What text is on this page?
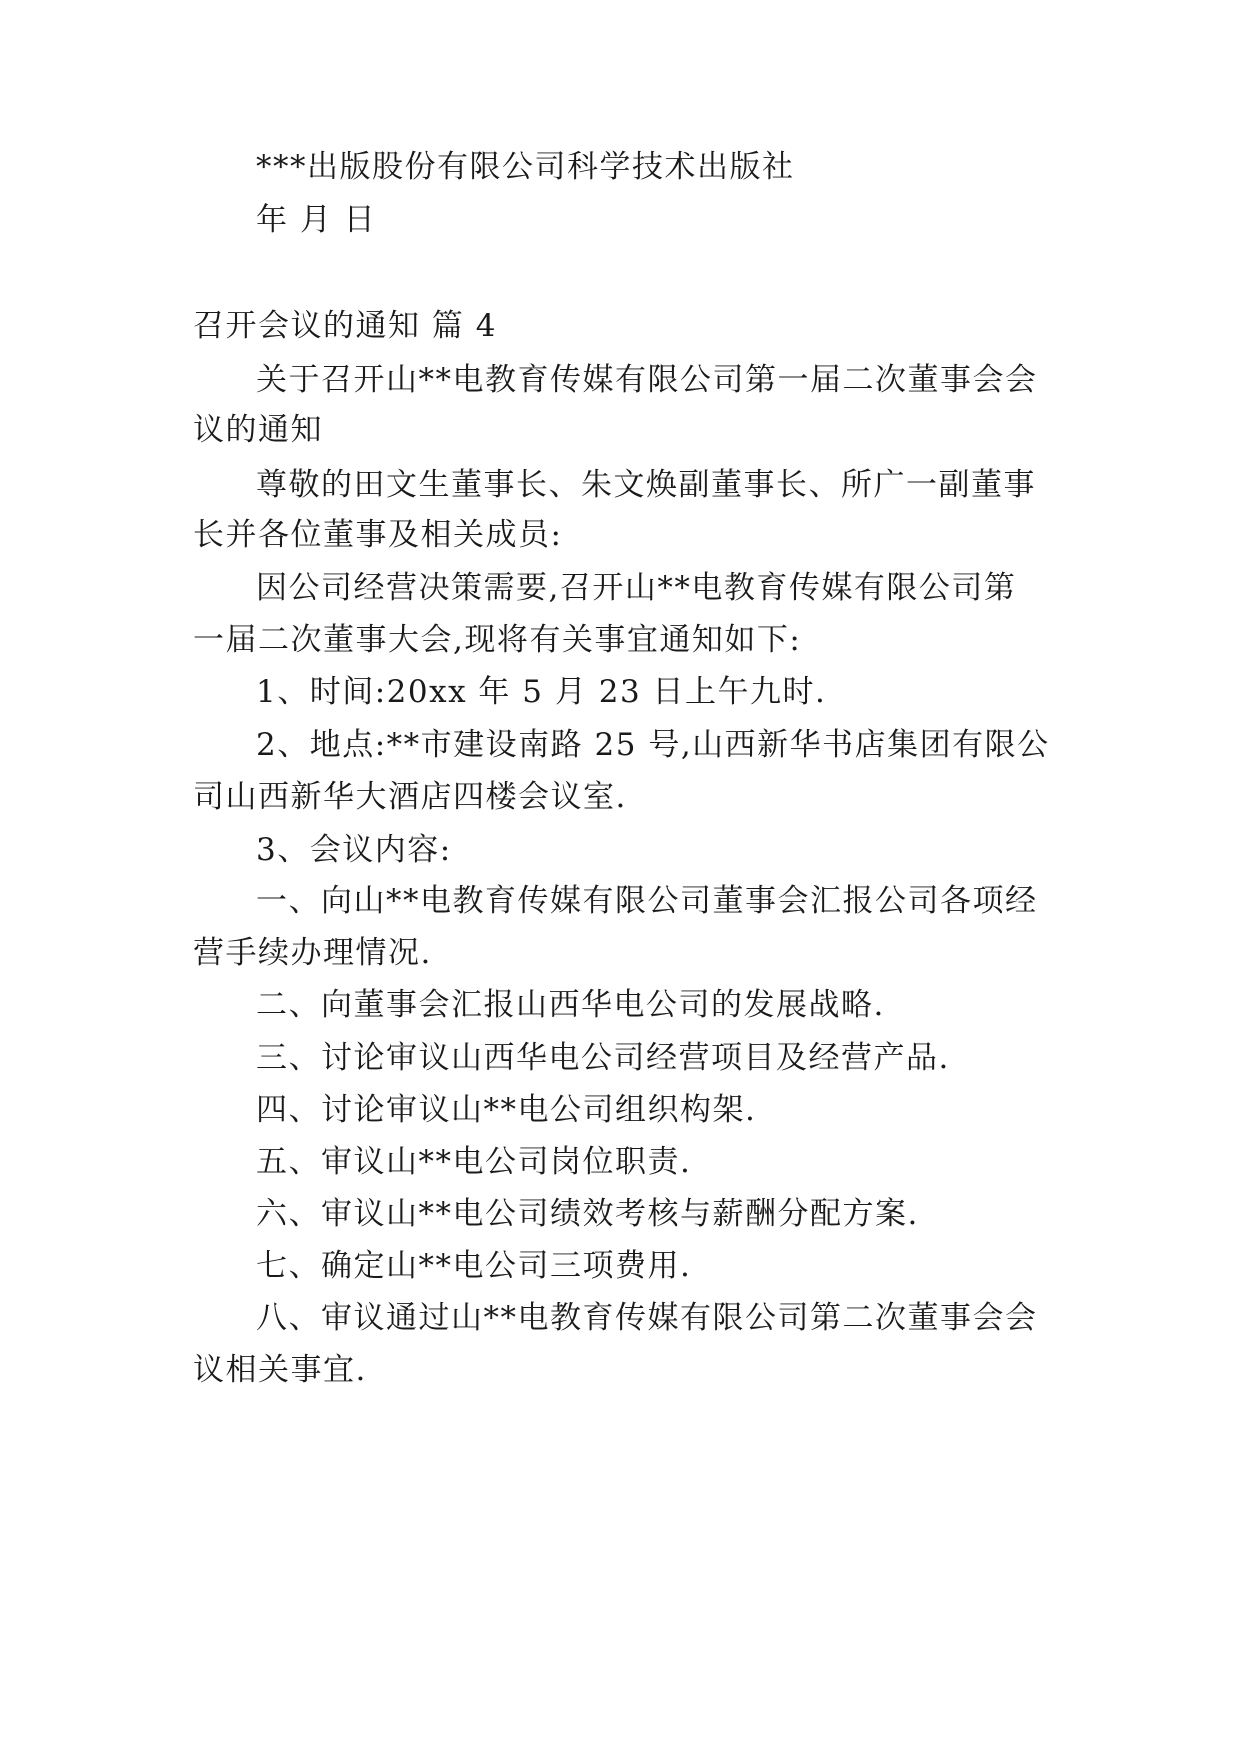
***出版股份有限公司科学技术出版社
年 月 日
召开会议的通知 篇 4
关于召开山**电教育传媒有限公司第一届二次董事会会
议的通知
尊敬的田文生董事长、朱文焕副董事长、所广一副董事
长并各位董事及相关成员:
因公司经营决策需要,召开山**电教育传媒有限公司第
一届二次董事大会,现将有关事宜通知如下:
1、时间:20xx 年 5 月 23 日上午九时.
2、地点:**市建设南路 25 号,山西新华书店集团有限公
司山西新华大酒店四楼会议室.
3、会议内容:
一、向山**电教育传媒有限公司董事会汇报公司各项经
营手续办理情况.
二、向董事会汇报山西华电公司的发展战略.
三、讨论审议山西华电公司经营项目及经营产品.
四、讨论审议山**电公司组织构架.
五、审议山**电公司岗位职责.
六、审议山**电公司绩效考核与薪酬分配方案.
七、确定山**电公司三项费用.
八、审议通过山**电教育传媒有限公司第二次董事会会
议相关事宜.
